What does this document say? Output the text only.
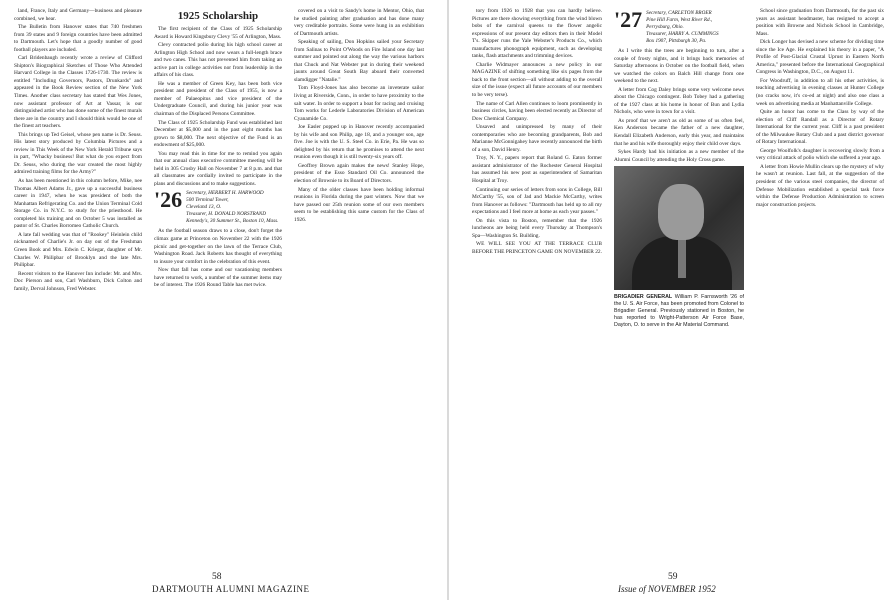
land, France, Italy and Germany—business and pleasure combined, we hear.

The Bulletin from Hanover states that 740 freshmen from 39 states and 9 foreign countries have been admitted to Dartmouth. Let's hope that a goodly number of good football players are included.

Carl Bridenbaugh recently wrote a review of Clifford Shipton's Biographical Sketches of Those Who Attended Harvard College in the Classes 1726-1730. The review is entitled "Including Governors, Pastors, Drunkards" and appeared in the Book Review section of the New York Times. Another class secretary has stated that Wes Jones, now assistant professor of Art at Vassar, is our distinguished artist who has done some of the finest murals there are in the country and I should think would be one of the finest art teachers.

This brings up Ted Geisel, whose pen name is Dr. Seuss. His latest story produced by Columbia Pictures and a review in This Week of the New York Herald Tribune says in part, "Whacky business! But what do you expect from Dr. Seuss, who during the war created the most highly admired training films for the Army?"

As has been mentioned in this column before, Mike, nee Thomas Albert Adams Jr., gave up a successful business career in 1947, when he was president of both the Manhattan Refrigerating Co. and the Union Terminal Cold Storage Co. in N.Y.C. to study for the priesthood. He completed his training and on October 5 was installed as pastor of St. Charles Borromeo Catholic Church.

A late fall wedding was that of "Rookey" Heinlein child nicknamed of Charlie's Jr. on day out of the Freshman Green Book and Mrs. Edwin C. Kriegar, daughter of Mr. Charles W. Philipbar of Brooklyn and the late Mrs. Philipbar.

Recent visitors to the Hanover Inn include: Mr. and Mrs. Doc Pierson and son, Carl Washburn, Dick Colton and family, Derval Johnson, Fred Webster.

1925 Scholarship

The first recipient of the Class of 1925 Scholarship Award is Howard Kingsbury Clevy '55 of Arlington, Mass.

Clevy contracted polio during his high school career at Arlington High School and now wears a full-length brace and two canes. This has not prevented him from taking an active part in college activities nor from leadership in the affairs of his class.

He was a member of Green Key, has been both vice president and president of the Class of 1955, is now a member of Palaeopitus and vice president of the Undergraduate Council, and during his junior year was chairman of the Displaced Persons Committee.

The Class of 1925 Scholarship Fund was established last December at $5,000 and in the past eight months has grown to $8,000. The next objective of the Fund is an endowment of $25,000.

You may read this in time for me to remind you again that our annual class executive committee meeting will be held in 305 Crosby Hall on November 7 at 8 p.m. and that all classmates are cordially invited to participate in the plans and discussions and to make suggestions.

'26 Secretary, HERBERT H. HARWOOD
500 Terminal Tower,
Cleveland 13, O.
Treasurer, H. DONALD NORSTRAND
Kennedy's, 30 Summer St., Boston 10, Mass.

As the football season draws to a close, don't forget the climax game at Princeton on November 22 with the 1926 picnic and get-together on the lawn of the Terrace Club, Washington Road. Jack Roberts has thought of everything to insure your comfort in the celebration of this event.

Now that fall has come and our vacationing members have returned to work, a number of the summer items may be of interest. The 1926 Round Table has met twice.

covered on a visit to Sandy's home in Mentor, Ohio, that he studied painting after graduation and has done many very creditable portraits. Some were hung in an exhibition of Dartmouth artists.

Speaking of sailing, Don Hopkins sailed your Secretary from Salinas to Point O'Woods on Fire Island one day last summer and pointed out along the way the various harbors that Chuck and Nat Webster put in during their weekend jaunts around Great South Bay aboard their converted slamdigger "Natalie."

Tom Floyd-Jones has also become an inveterate sailor living at Riverside, Conn., in order to have proximity to the salt water. In order to support a boat for racing and cruising Tom works for Lederle Laboratories Division of American Cyanamide Co.

Joe Easler popped up in Hanover recently accompanied by his wife and son Philip, age 18, and a younger son, age five. Joe is with the U. S. Steel Co. in Erie, Pa. He was so delighted by his return that he promises to attend the next reunion even though it is still twenty-six years off.

Geoffrey Brown again makes the news! Stanley Hope, president of the Esso Standard Oil Co. announced the election of Brownie to its Board of Directors.

Many of the older classes have been holding informal reunions in Florida during the past winters. Now that we have passed our 25th reunion some of our own members seem to be establishing this same custom for the Class of 1926.

58
DARTMOUTH ALUMNI MAGAZINE

tory from 1926 to 1928 that you can hardly believe. Pictures are there showing everything from the wind blown bobs of the carnival queens to the flower angelic expressions of our present day editors then in their Model T's. Skipper runs the Yale Webster's Products Co., which manufactures phonograph equipment, such as developing tanks, flash attachments and trimming devices.

Charlie Widmayer announces a new policy in our MAGAZINE of shifting something like six pages from the back to the front section—all without adding to the overall size of the issue (expect all future accounts of our members to be very terse).

The name of Carl Allen continues to loom prominently in business circles, having been elected recently as Director of Dow Chemical Company.

Unsaved and unimpressed by many of their contemporaries who are becoming grandparents, Bob and Marianne McGonnigahey have recently announced the birth of a son, David Henry.

Troy, N. Y., papers report that Roland G. Eaton former assistant administrator of the Rochester General Hospital has assumed his new post as superintendent of Samaritan Hospital at Troy.

Continuing our series of letters from sons in College, Bill McCarthy '55, son of Jad and Mackie McCarthy, writes from Hanover as follows: "Dartmouth has held up to all my expectations and I feel more at home as each year passes."

On this vista to Boston, remember that the 1926 luncheons are being held every Thursday at Thompson's Spa—Washington St. Building.

WE WILL SEE YOU AT THE TERRACE CLUB BEFORE THE PRINCETON GAME ON NOVEMBER 22.

'27 Secretary, CARLETON BROER
Pine Hill Farm, West River Rd.,
Perrysburg, Ohio.
Treasurer, HARRY A. CUMMINGS
Box 1907, Pittsburgh 30, Pa.

As I write this the trees are beginning to turn, after a couple of frosty nights, and it brings back memories of Saturday afternoons in October on the football field, when we watched the colors on Balch Hill change from one weekend to the next.

A letter from Cog Daley brings some very welcome news about the Chicago contingent. Bob Tobey had a gathering of the 1927 class at his home in honor of Bun and Lydia Nichols, who were in town for a visit.

As proof that we aren't as old as some of us often feel, Ken Anderson became the father of a new daughter, Kendall Elizabeth Anderson, early this year, and maintains that he and his wife thoroughly enjoy their child over days.

Sykes Hardy had his initiation as a new member of the Alumni Council by attending the Holy Cross game.

BRIGADIER GENERAL William P. Farnsworth '26 of the U. S. Air Force, has been promoted from Colonel to Brigadier General. Previously stationed in Boston, he has reported to Wright-Patterson Air Force Base, Dayton, O. to serve in the Air Material Command.

School since graduation from Dartmouth, for the past six years as assistant headmaster, has resigned to accept a position with Browne and Nichols School in Cambridge, Mass.

Dick Longer has devised a new scheme for dividing time since the Ice Age. He explained his theory in a paper, "A Profile of Post-Glacial Crustal Uprust in Eastern North America," presented before the International Geographical Congress in Washington, D.C., on August 11.

For Woodruff, in addition to all his other activities, is teaching advertising in evening classes at Hunter College (no cracks now, it's co-ed at night) and also one class a week on advertising media at Manhattanville College.

Quite an honor has come to the Class by way of the election of Cliff Randall as a Director of Rotary International for the current year. Cliff is a past president of the Milwaukee Rotary Club and a past district governor of Rotary International.

George Woolfolk's daughter is recovering slowly from a very critical attack of polio which she suffered a year ago.

A letter from Howie Mullin clears up the mystery of why he wasn't at reunion. Last fall, at the suggestion of the president of the various steel companies, the director of Defense Mobilization established a special task force within the Defense Production Administration to screen major construction projects.

59
Issue of NOVEMBER 1952
